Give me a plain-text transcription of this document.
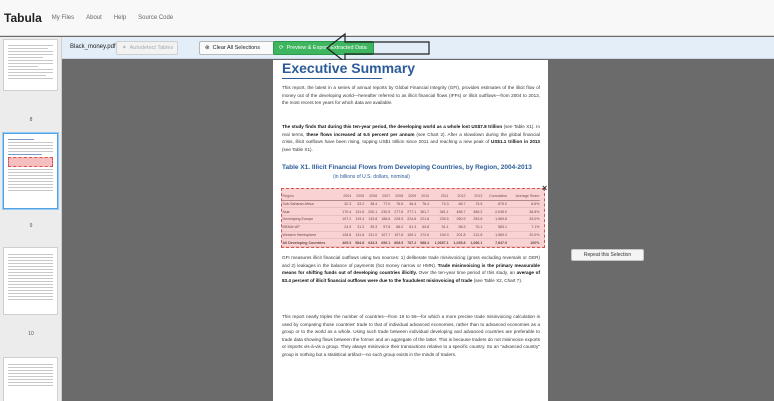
Tabula My Files About Help Source Code
8
9
10
Black_money.pdf ✦ Autodetect Tables	⊗ Clear All Selections	⟳ Preview & Export Extracted Data
Executive Summary

This report, the latest in a series of annual reports by Global Financial Integrity (GFI), provides estimates of the illicit flow of money out of the developing world—hereafter referred to as illicit financial flows (IFFs) or illicit outflows—from 2004 to 2013, the most recent ten years for which data are available.

The study finds that during this ten-year period, the developing world as a whole lost US$7.8 trillion (see Table X1). In real terms, these flows increased at 6.5 percent per annum (see Chart 2). After a slowdown during the global financial crisis, illicit outflows have been rising, topping US$1 trillion since 2011 and reaching a new peak of US$1.1 trillion in 2013 (see Table X1).

Table X1. Illicit Financial Flows from Developing Countries, by Region, 2004-2013
(in billions of U.S. dollars, nominal)
Region	2004	2005	2006	2007	2008	2009	2010	2011	2012	2013	Cumulative	Average Share
Sub-Saharan Africa	32.3	33.2	38.4	77.0	76.6	46.4	76.4	74.3	68.7	74.5	675.0	8.6%
Asia	170.4	131.6	200.1	230.5	277.6	277.1	361.7	381.1	458.7	486.2	2,045.0	38.8%
Developing Europe	107.2	119.4	133.8	188.6	228.5	224.6	221.8	235.5	260.9	253.6	1,969.8	25.0%
MENA+AP	24.9	31.2	35.3	57.6	86.2	61.3	63.8	91.1	58.3	70.1	583.1	7.1%
Western Hemisphere	128.8	131.8	131.0	107.7	157.8	169.1	173.6	194.0	201.8	212.8	1,569.3	20.0%
All Developing Countries	465.3	584.8	643.3	696.1	808.5	787.2	988.4	1,0657.1	1,035.8	1,086.1	7,847.9	100%

GFI measures illicit financial outflows using two sources: 1) deliberate trade misinvoicing (gross excluding reversals or GER) and 2) leakages in the balance of payments (hot money narrow or HMN). Trade misinvoicing is the primary measurable means for shifting funds out of developing countries illicitly. Over the ten-year time period of this study, an average of 83.4 percent of illicit financial outflows were due to the fraudulent misinvoicing of trade (see Table X2, Chart 7).

This report nearly triples the number of countries—from 19 to 56—for which a more precise trade misinvoicing calculation is used by comparing those countries' trade to that of individual advanced economies, rather than to advanced economies as a group or to the world as a whole. Using such trade between individual developing and advanced countries are preferable to trade data showing flows between the former and an aggregate of the latter. This is because traders do not misinvoice exports or imports vis-à-vis a group. They always misinvoice their transactions relative to a specific country. So an "advanced country" group is nothing but a statistical artifact—no such group exists in the minds of traders.

×
Repeat this Selection
